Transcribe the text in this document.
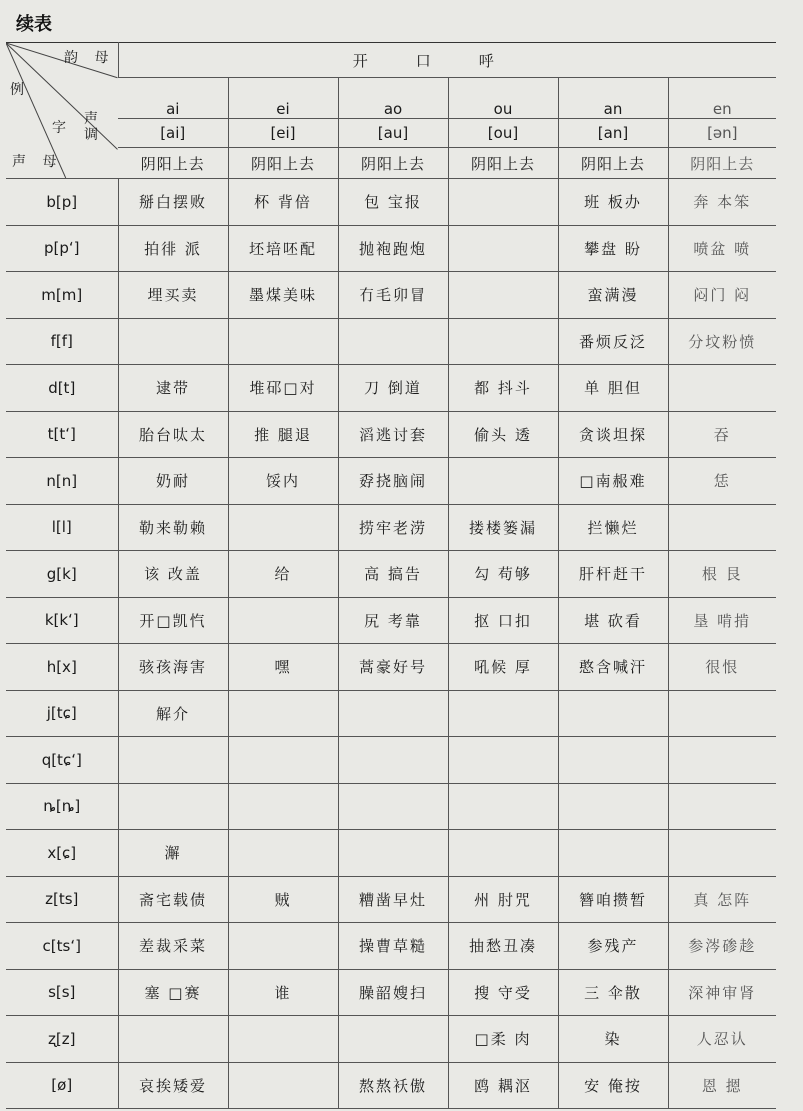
续表
韵 母
例
字
声调
声 母	开口呼					
	ai	ei	ao	ou	an	en
	[ai]	[ei]	[au]	[ou]	[an]	[ən]
	阴阳上去	阴阳上去	阴阳上去	阴阳上去	阴阳上去	阴阳上去
b[p]	掰白摆败	杯 背倍	包 宝报		班 板办	奔 本笨
p[pʻ]	拍徘 派	坯培呸配	抛袍跑炮		攀盘 盼	喷盆 喷
m[m]	埋买卖	墨煤美味	冇毛卯冒		蛮满漫	闷门 闷
f[f]					番烦反泛	分坟粉愤
d[t]	逮带	堆䂙□对	刀 倒道	都 抖斗	单 胆但	
t[tʻ]	胎台呔太	推 腿退	滔逃讨套	偷头 透	贪谈坦探	吞
n[n]	奶耐	馁内	孬挠脑闹		□南赧难	恁
l[l]	勒来勒赖		捞牢老涝	搂楼篓漏	拦懒烂	
g[k]	该 改盖	给	高 搞告	勾 苟够	肝杆赶干	根 艮
k[kʻ]	开□凯忾		尻 考靠	抠 口扣	堪 砍看	垦 啃掯
h[x]	骇孩海害	嘿	蒿豪好号	吼候 厚	憨含喊汗	很恨
j[tɕ]	解介					
q[tɕʻ]						
ȵ[ȵ]						
x[ɕ]	澥					
z[ts]	斋宅载债	贼	糟凿早灶	州 肘咒	簪咱攒暂	真 怎阵
c[tsʻ]	差裁采菜		操曹草糙	抽愁丑凑	参残产	参涔碜趁
s[s]	塞 □赛	谁	臊韶嫂扫	搜 守受	三 伞散	深神审肾
ʐ[z]				□柔 肉	染	人忍认
[ø]	哀挨矮爱		熬熬袄傲	鸥 耦沤	安 俺按	恩 摁
